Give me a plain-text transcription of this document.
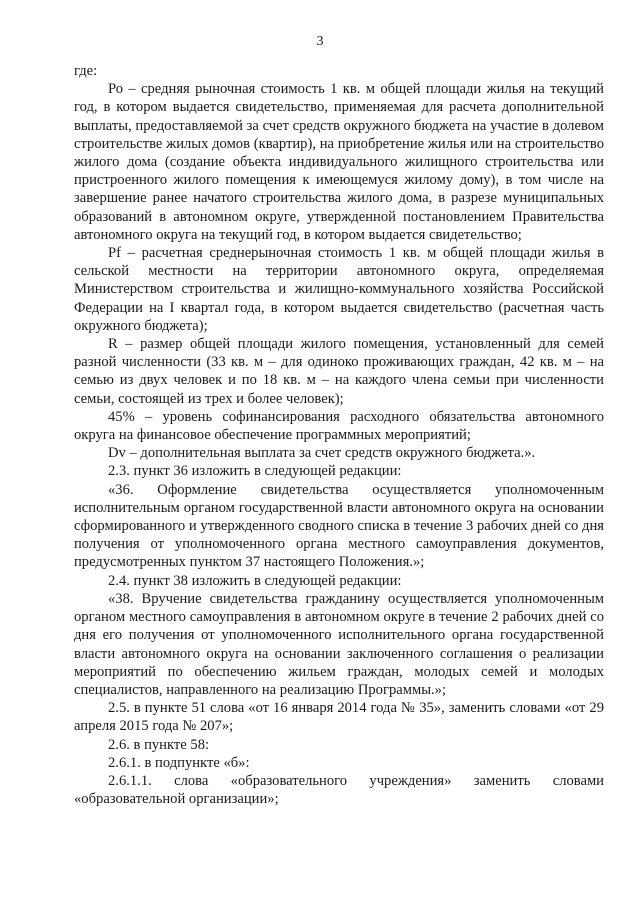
3

где:

Ро – средняя рыночная стоимость 1 кв. м общей площади жилья на текущий год, в котором выдается свидетельство, применяемая для расчета дополнительной выплаты, предоставляемой за счет средств окружного бюджета на участие в долевом строительстве жилых домов (квартир), на приобретение жилья или на строительство жилого дома (создание объекта индивидуального жилищного строительства или пристроенного жилого помещения к имеющемуся жилому дому), в том числе на завершение ранее начатого строительства жилого дома, в разрезе муниципальных образований в автономном округе, утвержденной постановлением Правительства автономного округа на текущий год, в котором выдается свидетельство;

Pf – расчетная среднерыночная стоимость 1 кв. м общей площади жилья в сельской местности на территории автономного округа, определяемая Министерством строительства и жилищно-коммунального хозяйства Российской Федерации на I квартал года, в котором выдается свидетельство (расчетная часть окружного бюджета);

R – размер общей площади жилого помещения, установленный для семей разной численности (33 кв. м – для одиноко проживающих граждан, 42 кв. м – на семью из двух человек и по 18 кв. м – на каждого члена семьи при численности семьи, состоящей из трех и более человек);

45% – уровень софинансирования расходного обязательства автономного округа на финансовое обеспечение программных мероприятий;

Dv – дополнительная выплата за счет средств окружного бюджета.».

2.3. пункт 36 изложить в следующей редакции:

«36. Оформление свидетельства осуществляется уполномоченным исполнительным органом государственной власти автономного округа на основании сформированного и утвержденного сводного списка в течение 3 рабочих дней со дня получения от уполномоченного органа местного самоуправления документов, предусмотренных пунктом 37 настоящего Положения.»;

2.4. пункт 38 изложить в следующей редакции:

«38. Вручение свидетельства гражданину осуществляется уполномоченным органом местного самоуправления в автономном округе в течение 2 рабочих дней со дня его получения от уполномоченного исполнительного органа государственной власти автономного округа на основании заключенного соглашения о реализации мероприятий по обеспечению жильем граждан, молодых семей и молодых специалистов, направленного на реализацию Программы.»;

2.5. в пункте 51 слова «от 16 января 2014 года № 35», заменить словами «от 29 апреля 2015 года № 207»;

2.6. в пункте 58:

2.6.1. в подпункте «б»:

2.6.1.1. слова «образовательного учреждения» заменить словами «образовательной организации»;
